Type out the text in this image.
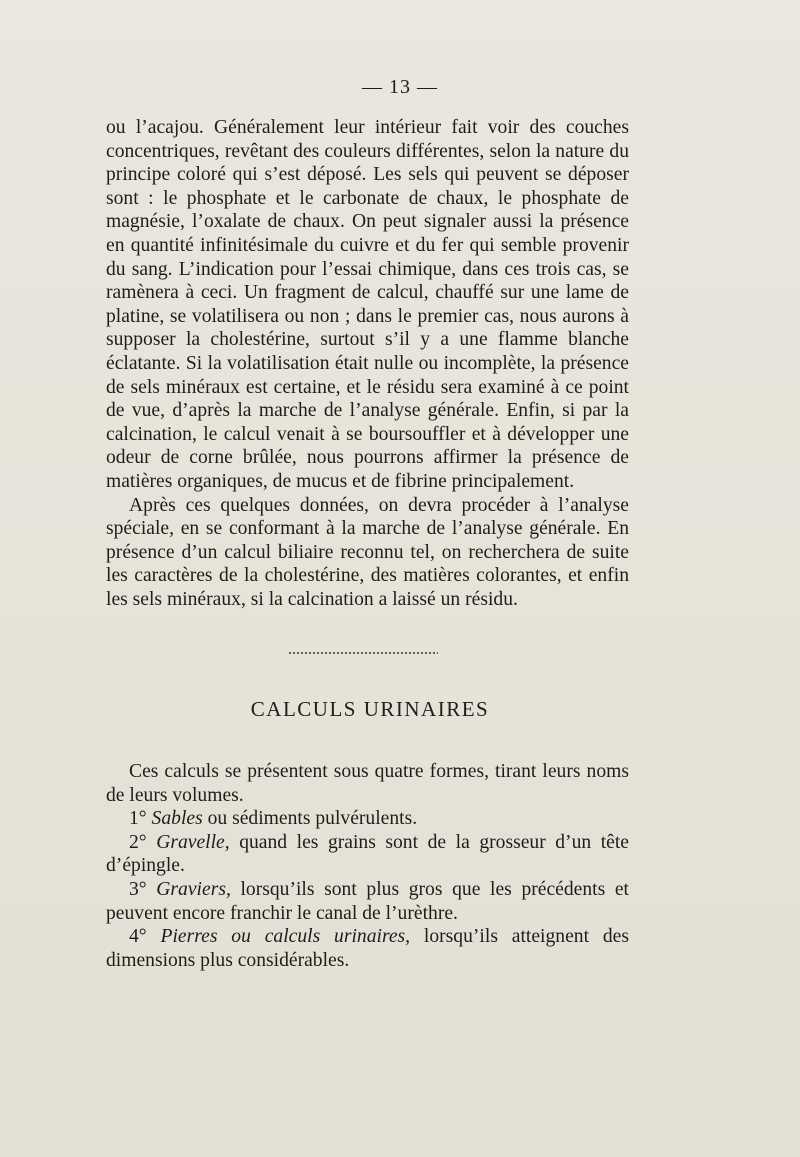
— 13 —

ou l’acajou. Généralement leur intérieur fait voir des couches concentriques, revêtant des couleurs différentes, selon la nature du principe coloré qui s’est déposé. Les sels qui peuvent se déposer sont : le phosphate et le carbonate de chaux, le phosphate de magnésie, l’oxalate de chaux. On peut signaler aussi la présence en quantité infinitésimale du cuivre et du fer qui semble provenir du sang. L’indication pour l’essai chimique, dans ces trois cas, se ramènera à ceci. Un fragment de calcul, chauffé sur une lame de platine, se volatilisera ou non ; dans le premier cas, nous aurons à supposer la cholestérine, surtout s’il y a une flamme blanche éclatante. Si la volatilisation était nulle ou incomplète, la présence de sels minéraux est certaine, et le résidu sera examiné à ce point de vue, d’après la marche de l’analyse générale. Enfin, si par la calcination, le calcul venait à se boursouffler et à développer une odeur de corne brûlée, nous pourrons affirmer la présence de matières organiques, de mucus et de fibrine principalement.

Après ces quelques données, on devra procéder à l’analyse spéciale, en se conformant à la marche de l’analyse générale. En présence d’un calcul biliaire reconnu tel, on recherchera de suite les caractères de la cholestérine, des matières colorantes, et enfin les sels minéraux, si la calcination a laissé un résidu.

CALCULS URINAIRES

Ces calculs se présentent sous quatre formes, tirant leurs noms de leurs volumes.

1° Sables ou sédiments pulvérulents.

2° Gravelle, quand les grains sont de la grosseur d’un tête d’épingle.

3° Graviers, lorsqu’ils sont plus gros que les précédents et peuvent encore franchir le canal de l’urèthre.

4° Pierres ou calculs urinaires, lorsqu’ils atteignent des dimensions plus considérables.
